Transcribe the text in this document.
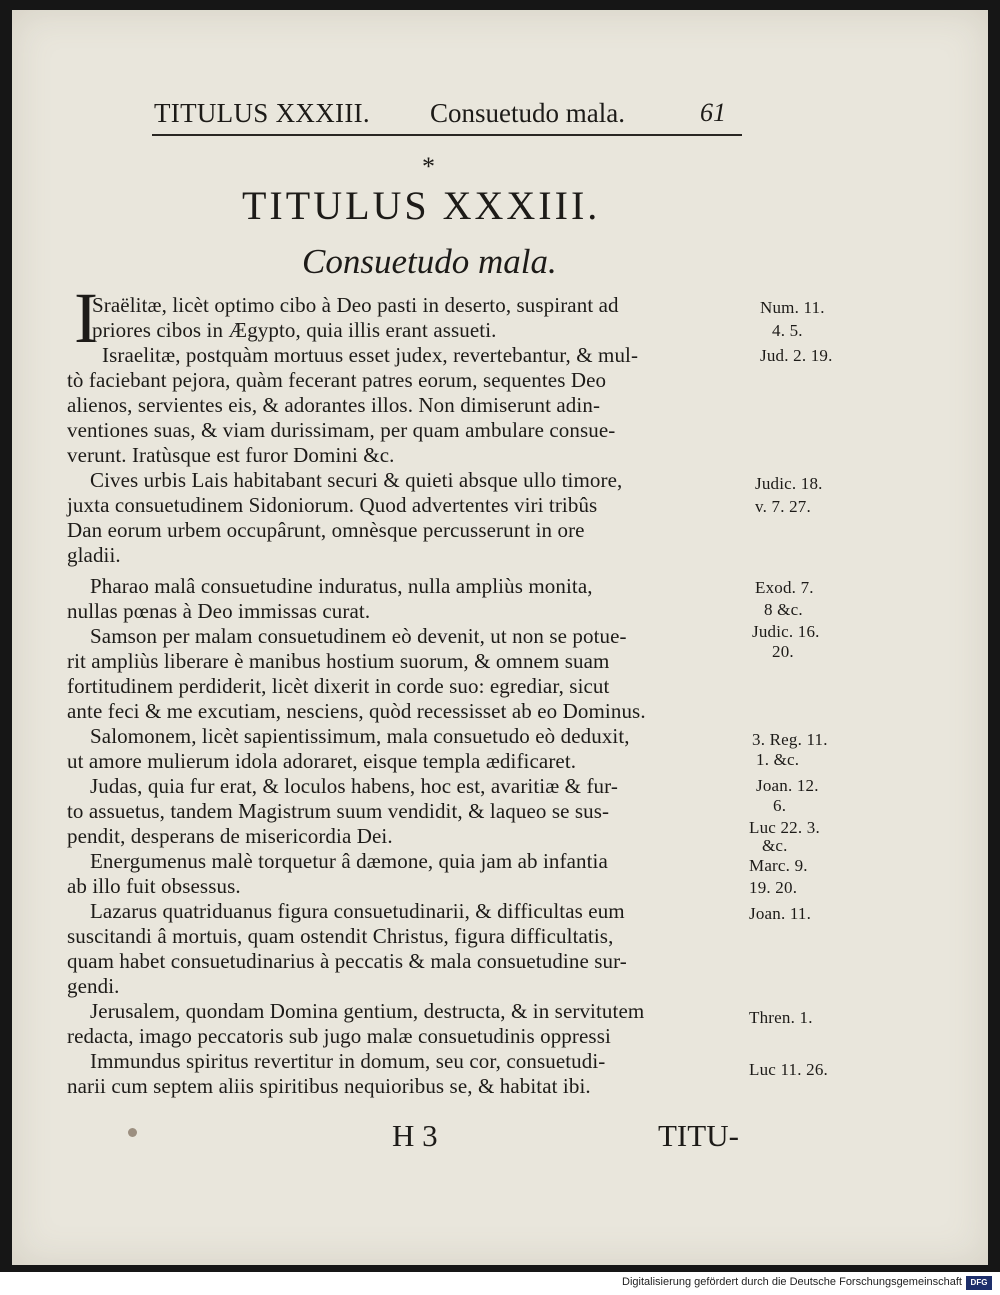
TITULUS XXXIII. Consuetudo mala.	61
*
TITULUS XXXIII.
Consuetudo mala.
I
Sraëlitæ, licèt optimo cibo à Deo pasti in deserto, suspirant ad
priores cibos in Ægypto, quia illis erant assueti.
Israelitæ, postquàm mortuus esset judex, revertebantur, & mul-
tò faciebant pejora, quàm fecerant patres eorum, sequentes Deo
alienos, servientes eis, & adorantes illos. Non dimiserunt adin-
ventiones suas, & viam durissimam, per quam ambulare consue-
verunt. Iratùsque est furor Domini &c.
Cives urbis Lais habitabant securi & quieti absque ullo timore,
juxta consuetudinem Sidoniorum. Quod advertentes viri tribûs
Dan eorum urbem occupârunt, omnèsque percusserunt in ore
gladii.
Pharao malâ consuetudine induratus, nulla ampliùs monita,
nullas pœnas à Deo immissas curat.
Samson per malam consuetudinem eò devenit, ut non se potue-
rit ampliùs liberare è manibus hostium suorum, & omnem suam
fortitudinem perdiderit, licèt dixerit in corde suo: egrediar, sicut
ante feci & me excutiam, nesciens, quòd recessisset ab eo Dominus.
Salomonem, licèt sapientissimum, mala consuetudo eò deduxit,
ut amore mulierum idola adoraret, eisque templa ædificaret.
Judas, quia fur erat, & loculos habens, hoc est, avaritiæ & fur-
to assuetus, tandem Magistrum suum vendidit, & laqueo se sus-
pendit, desperans de misericordia Dei.
Energumenus malè torquetur â dæmone, quia jam ab infantia
ab illo fuit obsessus.
Lazarus quatriduanus figura consuetudinarii, & difficultas eum
suscitandi â mortuis, quam ostendit Christus, figura difficultatis,
quam habet consuetudinarius à peccatis & mala consuetudine sur-
gendi.
Jerusalem, quondam Domina gentium, destructa, & in servitutem
redacta, imago peccatoris sub jugo malæ consuetudinis oppressi
Immundus spiritus revertitur in domum, seu cor, consuetudi-
narii cum septem aliis spiritibus nequioribus se, & habitat ibi.
Num. 11.
4. 5.
Jud. 2. 19.
Judic. 18.
v. 7. 27.
Exod. 7.
8 &c.
Judic. 16.
20.
3. Reg. 11.
1. &c.
Joan. 12.
6.
Luc 22. 3.
&c.
Marc. 9.
19. 20.
Joan. 11.
Thren. 1.
Luc 11. 26.
H 3	TITU-
Digitalisierung gefördert durch die Deutsche Forschungsgemeinschaft	DFG
